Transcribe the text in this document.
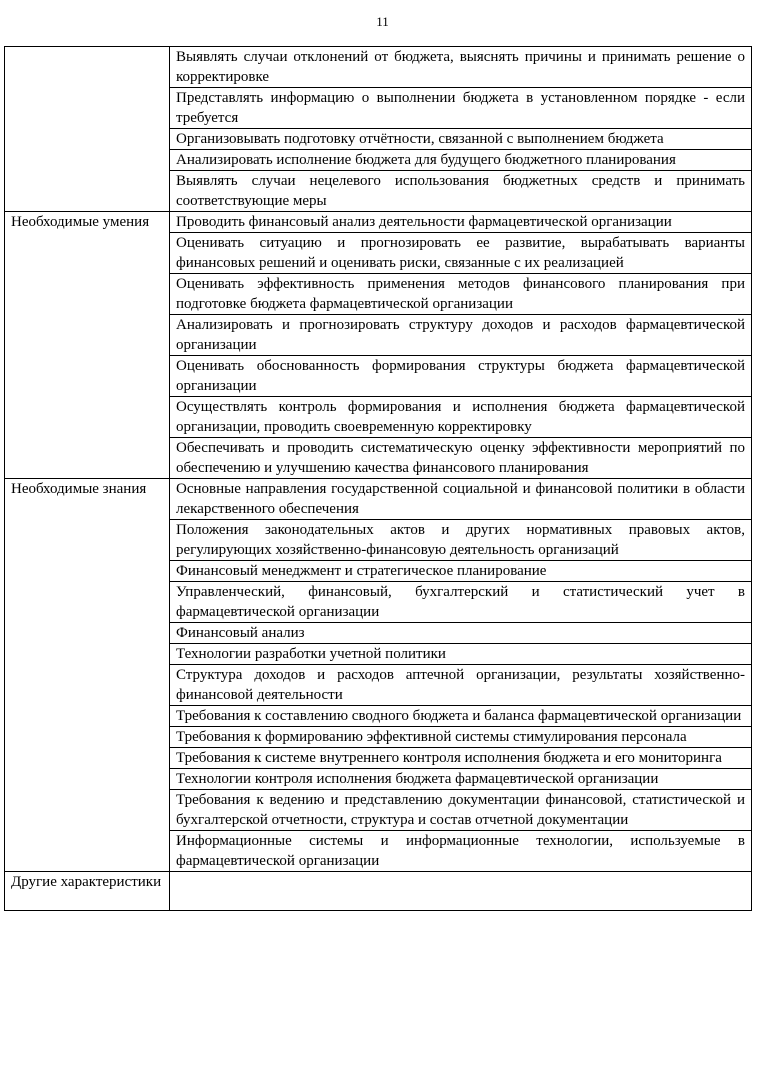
11
	Выявлять случаи отклонений от бюджета, выяснять причины и принимать решение о корректировке
	Представлять информацию о выполнении бюджета в установленном порядке - если требуется
	Организовывать подготовку отчётности, связанной с выполнением бюджета
	Анализировать исполнение бюджета для будущего бюджетного планирования
	Выявлять случаи нецелевого использования бюджетных средств и принимать соответствующие меры
Необходимые умения	Проводить финансовый анализ деятельности фармацевтической организации
	Оценивать ситуацию и прогнозировать ее развитие, вырабатывать варианты финансовых решений и оценивать риски, связанные с их реализацией
	Оценивать эффективность применения методов финансового планирования при подготовке бюджета фармацевтической организации
	Анализировать и прогнозировать структуру доходов и расходов фармацевтической организации
	Оценивать обоснованность формирования структуры бюджета фармацевтической организации
	Осуществлять контроль формирования и исполнения бюджета фармацевтической организации, проводить своевременную корректировку
	Обеспечивать и проводить систематическую оценку эффективности мероприятий по обеспечению и улучшению качества финансового планирования
Необходимые знания	Основные направления государственной социальной и финансовой политики в области лекарственного обеспечения
	Положения законодательных актов и других нормативных правовых актов, регулирующих хозяйственно-финансовую деятельность организаций
	Финансовый менеджмент и стратегическое планирование
	Управленческий, финансовый, бухгалтерский и статистический учет в фармацевтической организации
	Финансовый анализ
	Технологии разработки учетной политики
	Структура доходов и расходов аптечной организации, результаты хозяйственно-финансовой деятельности
	Требования к составлению сводного бюджета и баланса фармацевтической организации
	Требования к формированию эффективной системы стимулирования персонала
	Требования к системе внутреннего контроля исполнения бюджета и его мониторинга
	Технологии контроля исполнения бюджета фармацевтической организации
	Требования к ведению и представлению документации финансовой, статистической и бухгалтерской отчетности, структура и состав отчетной документации
	Информационные системы и информационные технологии, используемые в фармацевтической организации
Другие характеристики	
